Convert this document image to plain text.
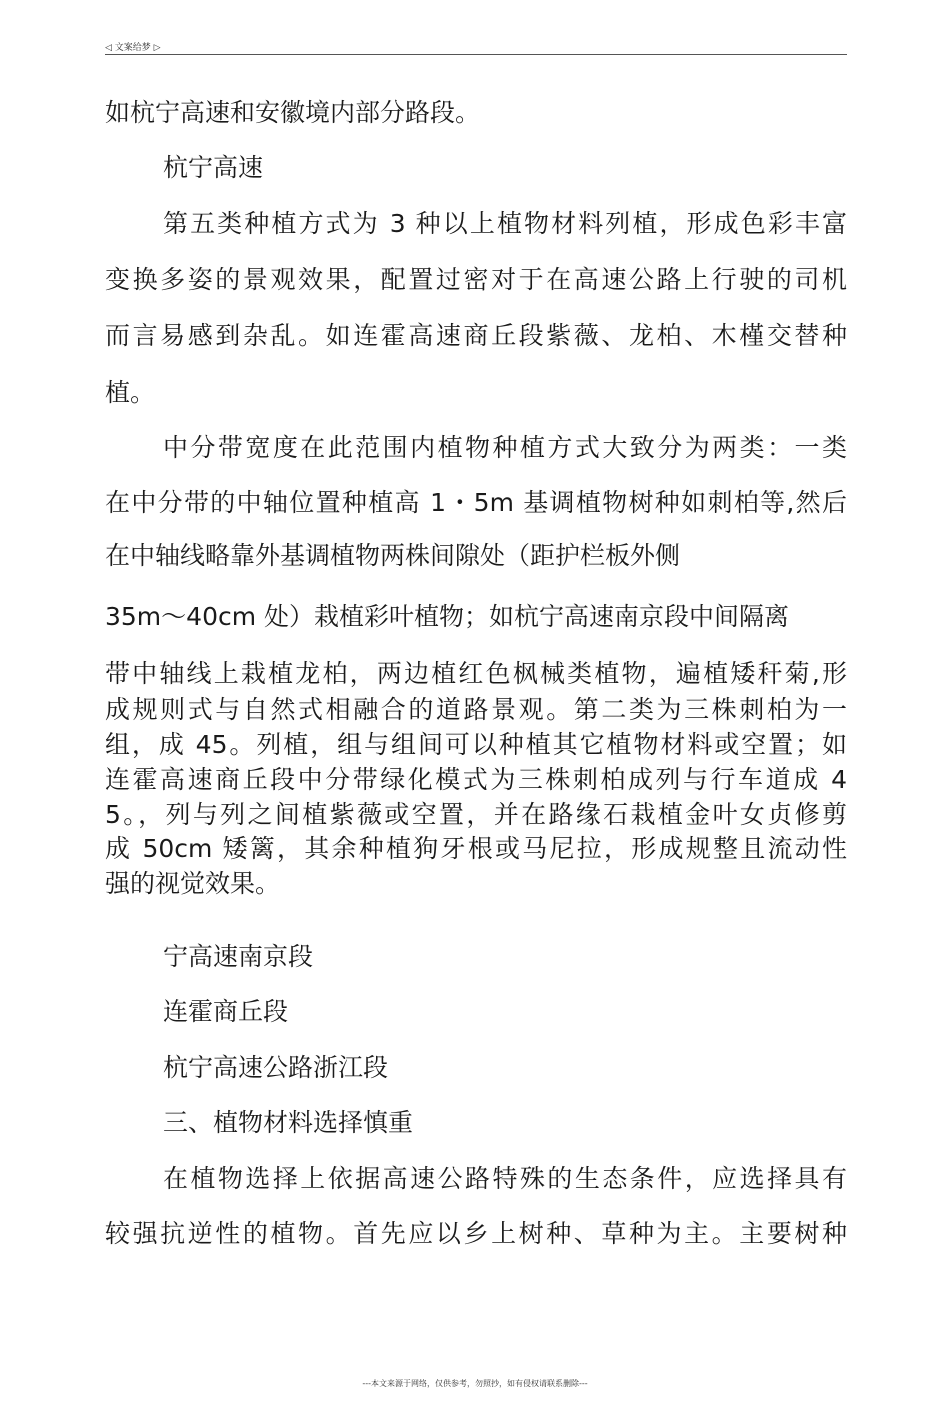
◁ 文案给梦 ▷
如杭宁高速和安徽境内部分路段。
杭宁高速
第五类种植方式为 3 种以上植物材料列植，形成色彩丰富
变换多姿的景观效果，配置过密对于在高速公路上行驶的司机
而言易感到杂乱。如连霍高速商丘段紫薇、龙柏、木槿交替种
植。
中分带宽度在此范围内植物种植方式大致分为两类：一类
在中分带的中轴位置种植高 1・5m 基调植物树种如刺柏等,然后
在中轴线略靠外基调植物两株间隙处（距护栏板外侧
35m〜40cm 处）栽植彩叶植物；如杭宁高速南京段中间隔离
带中轴线上栽植龙柏，两边植红色枫械类植物，遍植矮秆菊,形
成规则式与自然式相融合的道路景观。第二类为三株刺柏为一
组，成 45。列植，组与组间可以种植其它植物材料或空置；如
连霍高速商丘段中分带绿化模式为三株刺柏成列与行车道成 4
5。，列与列之间植紫薇或空置，并在路缘石栽植金叶女贞修剪
成 50cm 矮篱，其余种植狗牙根或马尼拉，形成规整且流动性
强的视觉效果。
宁高速南京段
连霍商丘段
杭宁高速公路浙江段
三、植物材料选择慎重
在植物选择上依据高速公路特殊的生态条件，应选择具有
较强抗逆性的植物。首先应以乡上树种、草种为主。主要树种
---本文来源于网络，仅供参考，勿照抄，如有侵权请联系删除---
